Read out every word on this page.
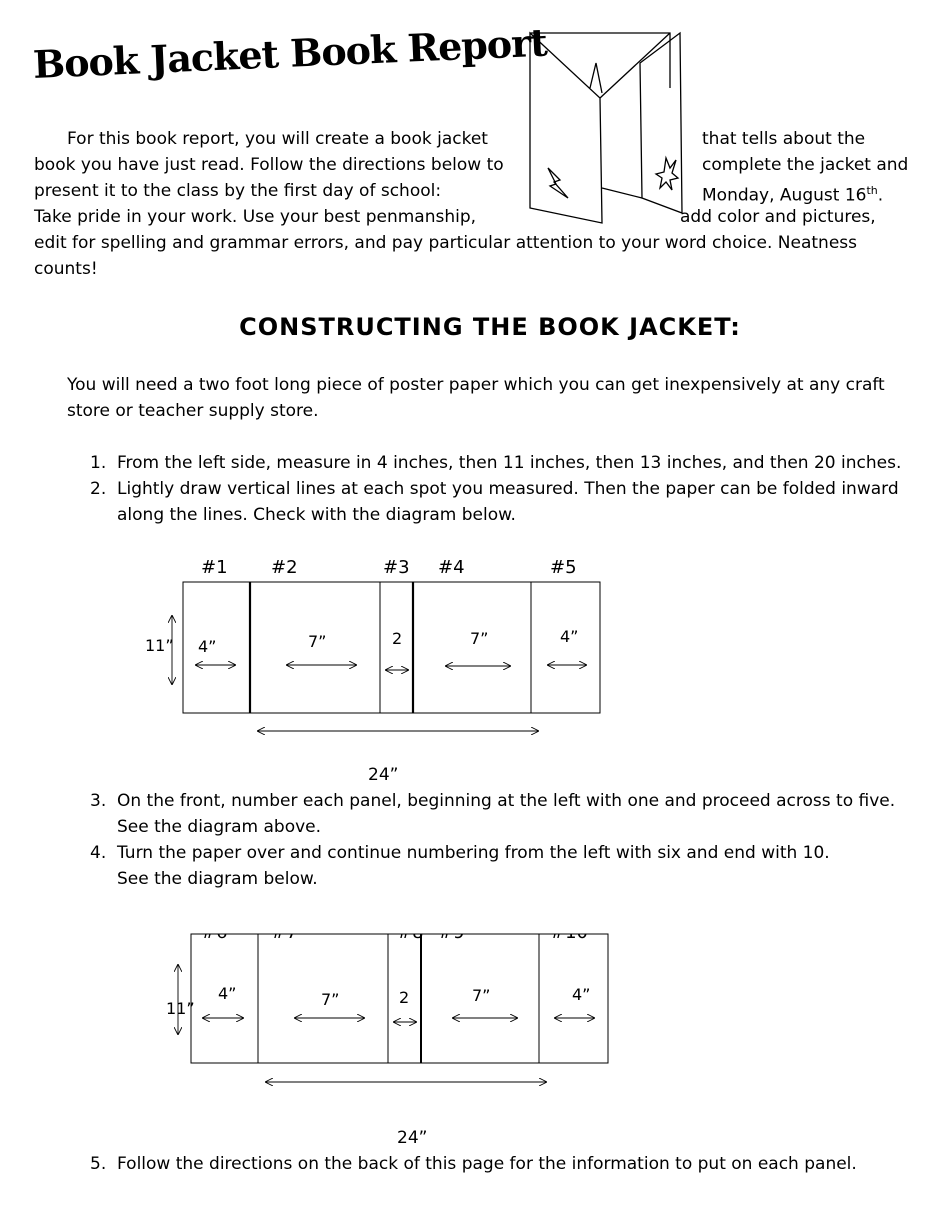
Book Jacket Book Report
For this book report, you will create a book jacket
book you have just read. Follow the directions below to
present it to the class by the first day of school:
Take pride in your work. Use your best penmanship,
that tells about the
complete the jacket and
Monday, August 16th.
add color and pictures,
edit for spelling and grammar errors, and pay particular attention to your word choice. Neatness
counts!
CONSTRUCTING THE BOOK JACKET:
You will need a two foot long piece of poster paper which you can get inexpensively at any craft
store or teacher supply store.
1. From the left side, measure in 4 inches, then 11 inches, then 13 inches, and then 20 inches.
2. Lightly draw vertical lines at each spot you measured. Then the paper can be folded inward
along the lines. Check with the diagram below.
#1 #2	#3 #4	#5
11” 4”	7”	2	7”	4”
24”
3. On the front, number each panel, beginning at the left with one and proceed across to five.
See the diagram above.
4. Turn the paper over and continue numbering from the left with six and end with 10.
See the diagram below.
11”
4”	7”	2	7”	4”
24”
5. Follow the directions on the back of this page for the information to put on each panel.
